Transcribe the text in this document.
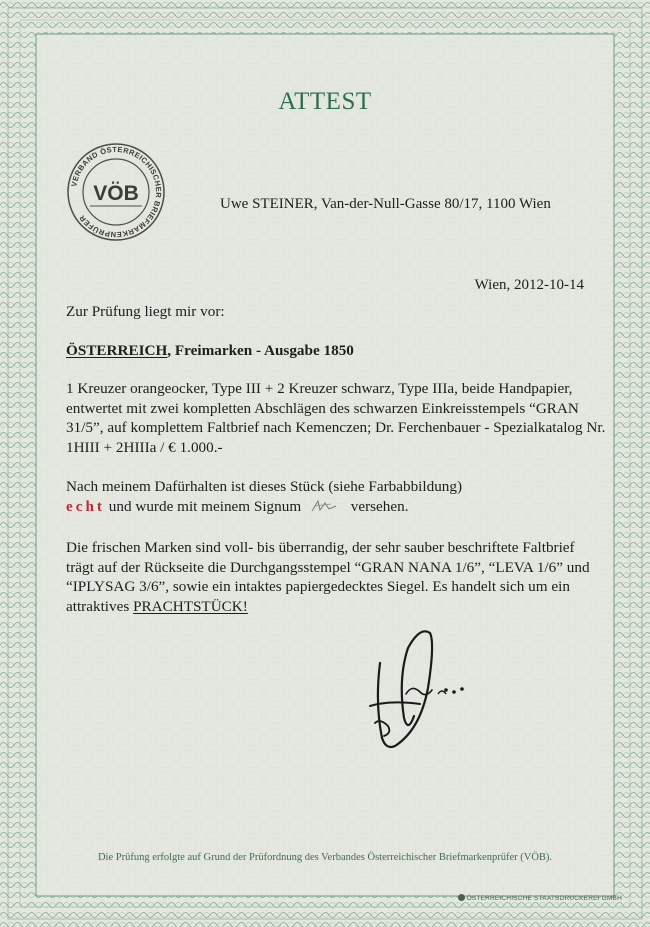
ATTEST
VERBAND ÖSTERREICHISCHER BRIEFMARKENPRÜFER
VÖB	Uwe STEINER, Van-der-Null-Gasse 80/17, 1100 Wien
Wien, 2012-10-14
Zur Prüfung liegt mir vor:
ÖSTERREICH, Freimarken - Ausgabe 1850
1 Kreuzer orangeocker, Type III + 2 Kreuzer schwarz, Type IIIa, beide Handpapier, entwertet mit zwei kompletten Abschlägen des schwarzen Einkreisstempels “GRAN 31/5”, auf komplettem Faltbrief nach Kemenczen; Dr. Ferchenbauer - Spezialkatalog Nr. 1HIII + 2HIIIa / € 1.000.-
Nach meinem Dafürhalten ist dieses Stück (siehe Farbabbildung)
echt und wurde mit meinem Signum	versehen.
Die frischen Marken sind voll- bis überrandig, der sehr sauber beschriftete Faltbrief trägt auf der Rückseite die Durchgangsstempel “GRAN NANA 1/6”, “LEVA 1/6” und “IPLYSAG 3/6”, sowie ein intaktes papiergedecktes Siegel. Es handelt sich um ein attraktives PRACHTSTÜCK!
Die Prüfung erfolgte auf Grund der Prüfordnung des Verbandes Österreichischer Briefmarkenprüfer (VÖB).
ÖSTERREICHISCHE STAATSDRUCKEREI GMBH
